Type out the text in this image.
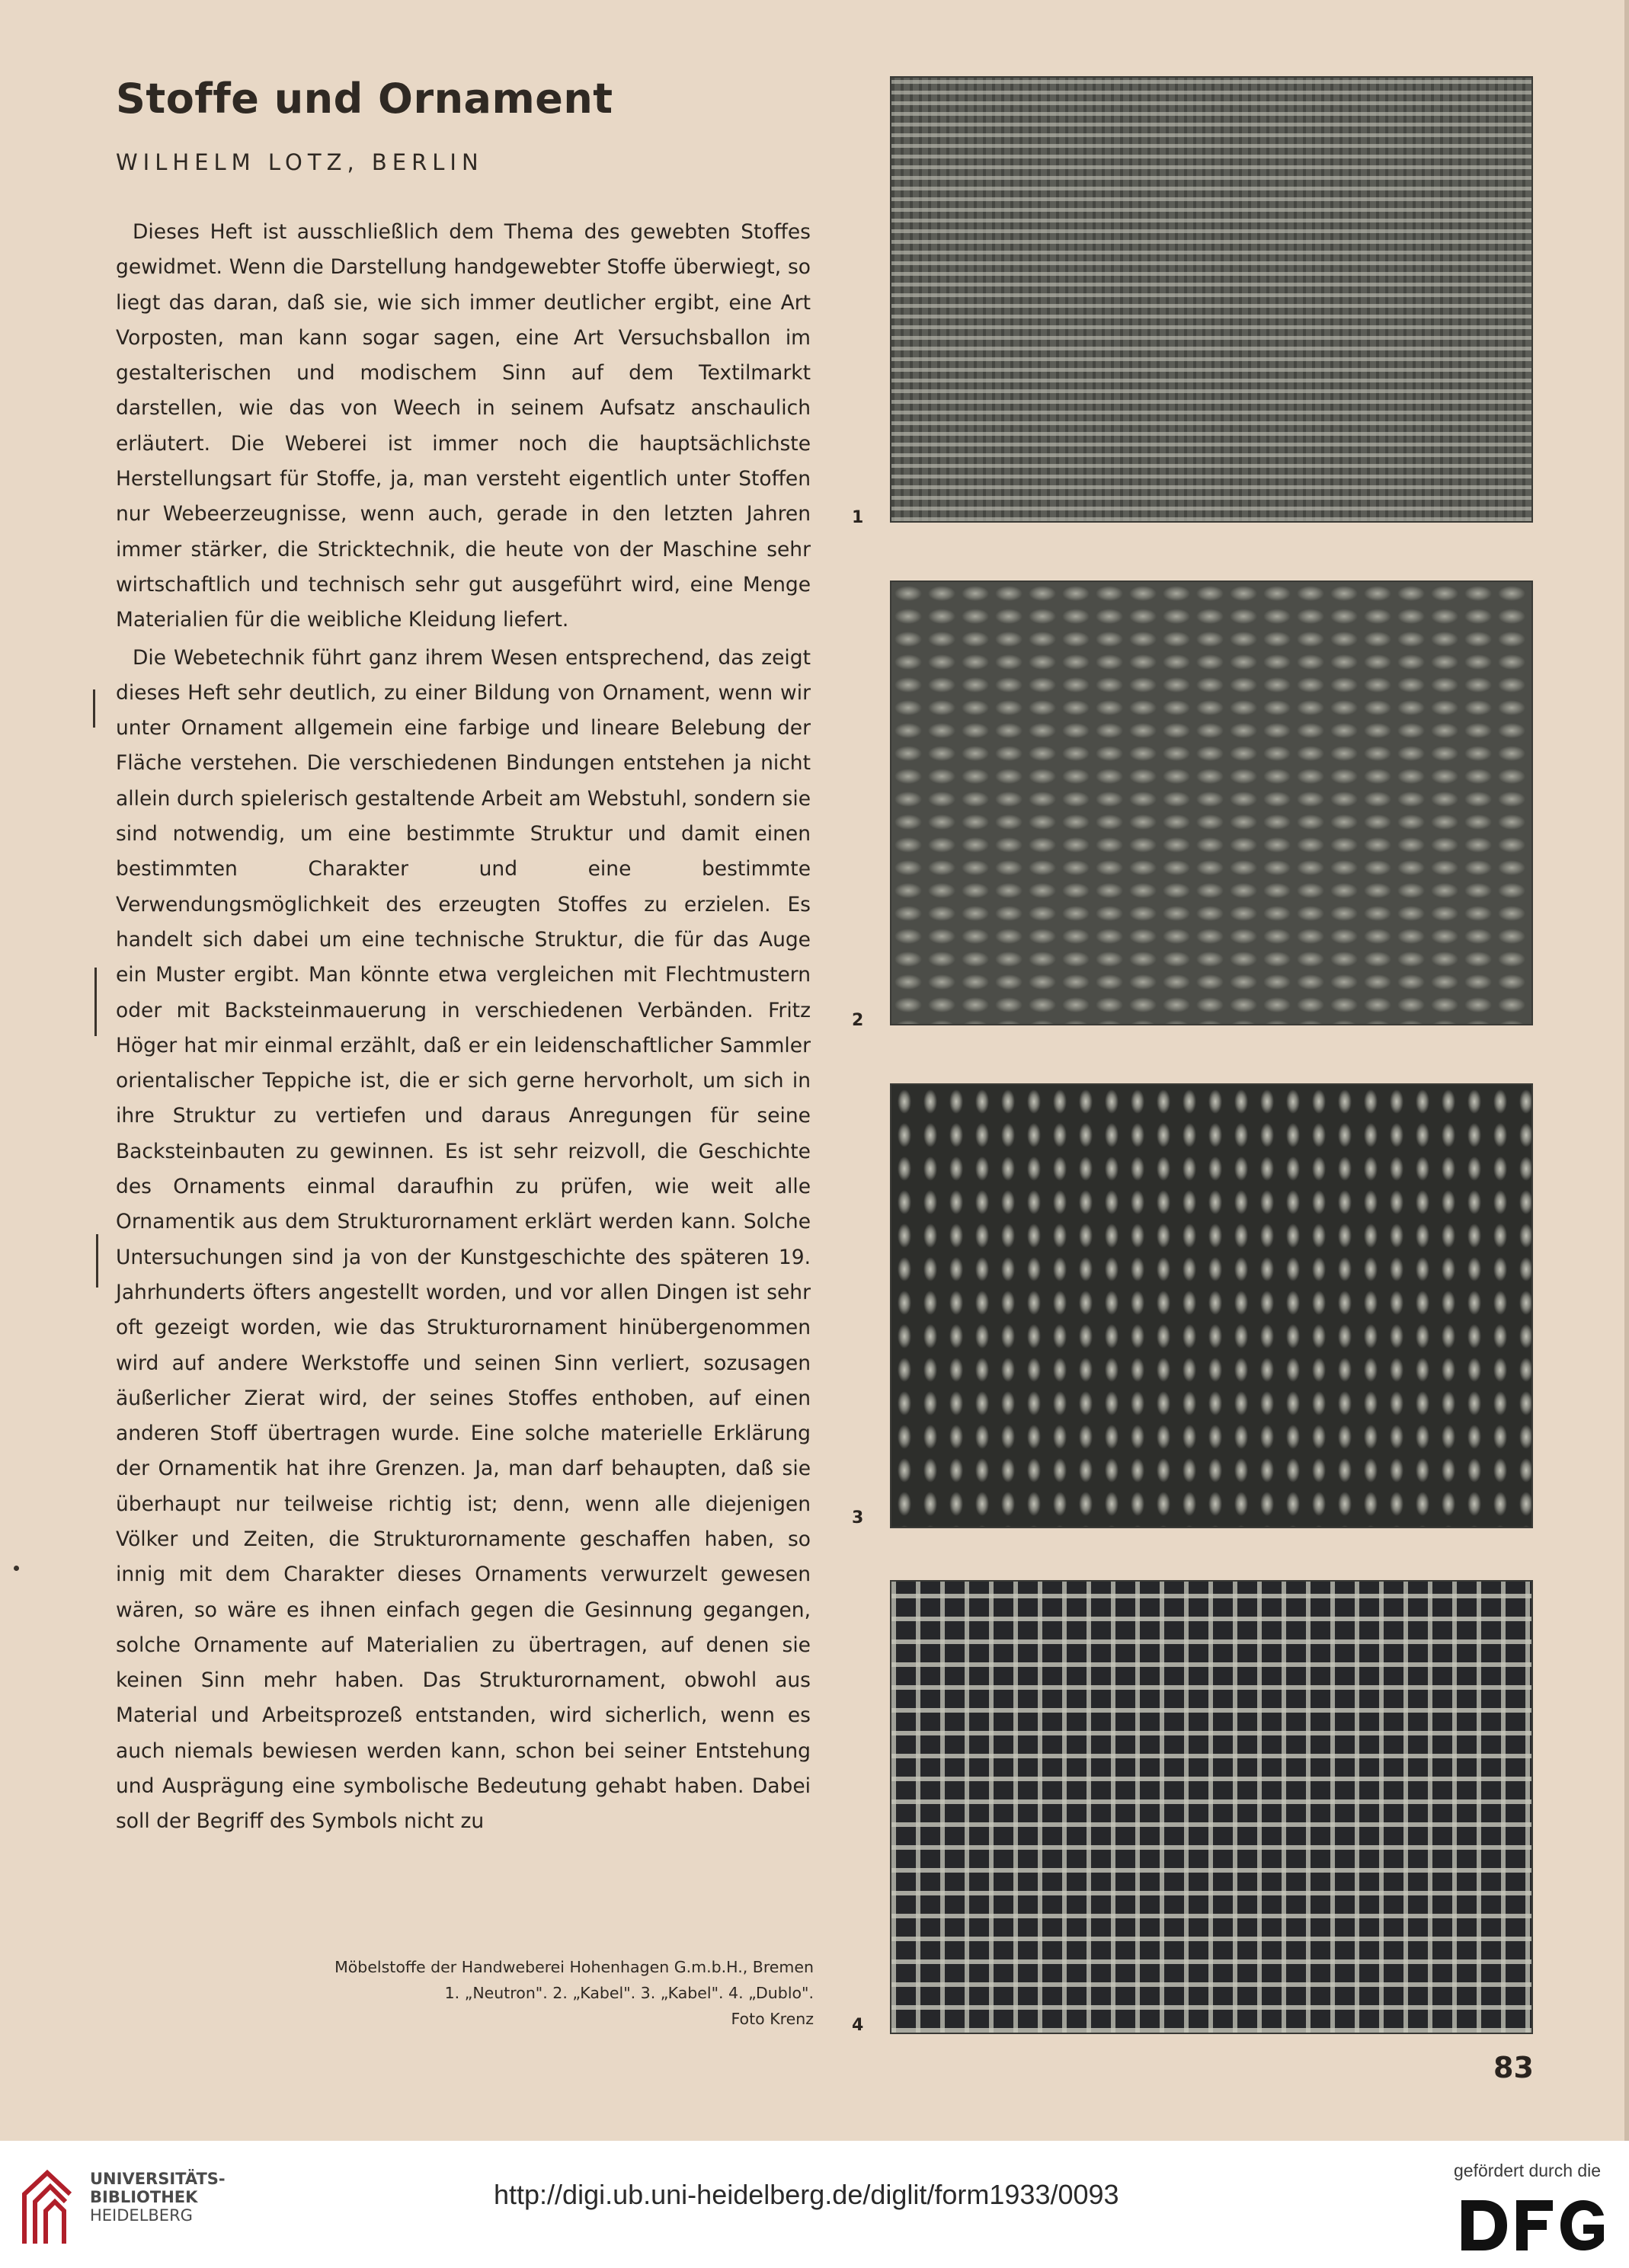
Stoffe und Ornament
WILHELM LOTZ, BERLIN

Dieses Heft ist ausschließlich dem Thema des gewebten Stoffes gewidmet. Wenn die Darstellung handgewebter Stoffe überwiegt, so liegt das daran, daß sie, wie sich immer deutlicher ergibt, eine Art Vorposten, man kann sogar sagen, eine Art Versuchsballon im gestalterischen und modischem Sinn auf dem Textilmarkt darstellen, wie das von Weech in seinem Aufsatz anschaulich erläutert. Die Weberei ist immer noch die hauptsächlichste Herstellungsart für Stoffe, ja, man versteht eigentlich unter Stoffen nur Webeerzeugnisse, wenn auch, gerade in den letzten Jahren immer stärker, die Stricktechnik, die heute von der Maschine sehr wirtschaftlich und technisch sehr gut ausgeführt wird, eine Menge Materialien für die weibliche Kleidung liefert.

Die Webetechnik führt ganz ihrem Wesen entsprechend, das zeigt dieses Heft sehr deutlich, zu einer Bildung von Ornament, wenn wir unter Ornament allgemein eine farbige und lineare Belebung der Fläche verstehen. Die verschiedenen Bindungen entstehen ja nicht allein durch spielerisch gestaltende Arbeit am Webstuhl, sondern sie sind notwendig, um eine bestimmte Struktur und damit einen bestimmten Charakter und eine bestimmte Verwendungsmöglichkeit des erzeugten Stoffes zu erzielen. Es handelt sich dabei um eine technische Struktur, die für das Auge ein Muster ergibt. Man könnte etwa vergleichen mit Flechtmustern oder mit Backsteinmauerung in verschiedenen Verbänden. Fritz Höger hat mir einmal erzählt, daß er ein leidenschaftlicher Sammler orientalischer Teppiche ist, die er sich gerne hervorholt, um sich in ihre Struktur zu vertiefen und daraus Anregungen für seine Backsteinbauten zu gewinnen. Es ist sehr reizvoll, die Geschichte des Ornaments einmal daraufhin zu prüfen, wie weit alle Ornamentik aus dem Strukturornament erklärt werden kann. Solche Untersuchungen sind ja von der Kunstgeschichte des späteren 19. Jahrhunderts öfters angestellt worden, und vor allen Dingen ist sehr oft gezeigt worden, wie das Strukturornament hinübergenommen wird auf andere Werkstoffe und seinen Sinn verliert, sozusagen äußerlicher Zierat wird, der seines Stoffes enthoben, auf einen anderen Stoff übertragen wurde. Eine solche materielle Erklärung der Ornamentik hat ihre Grenzen. Ja, man darf behaupten, daß sie überhaupt nur teilweise richtig ist; denn, wenn alle diejenigen Völker und Zeiten, die Strukturornamente geschaffen haben, so innig mit dem Charakter dieses Ornaments verwurzelt gewesen wären, so wäre es ihnen einfach gegen die Gesinnung gegangen, solche Ornamente auf Materialien zu übertragen, auf denen sie keinen Sinn mehr haben. Das Strukturornament, obwohl aus Material und Arbeitsprozeß entstanden, wird sicherlich, wenn es auch niemals bewiesen werden kann, schon bei seiner Entstehung und Ausprägung eine symbolische Bedeutung gehabt haben. Dabei soll der Begriff des Symbols nicht zu

1
2
3
4
Möbelstoffe der Handweberei Hohenhagen G.m.b.H., Bremen
1. „Neutron". 2. „Kabel". 3. „Kabel". 4. „Dublo".
Foto Krenz
83
UNIVERSITÄTS-
BIBLIOTHEK
HEIDELBERG
http://digi.ub.uni-heidelberg.de/diglit/form1933/0093
gefördert durch die
